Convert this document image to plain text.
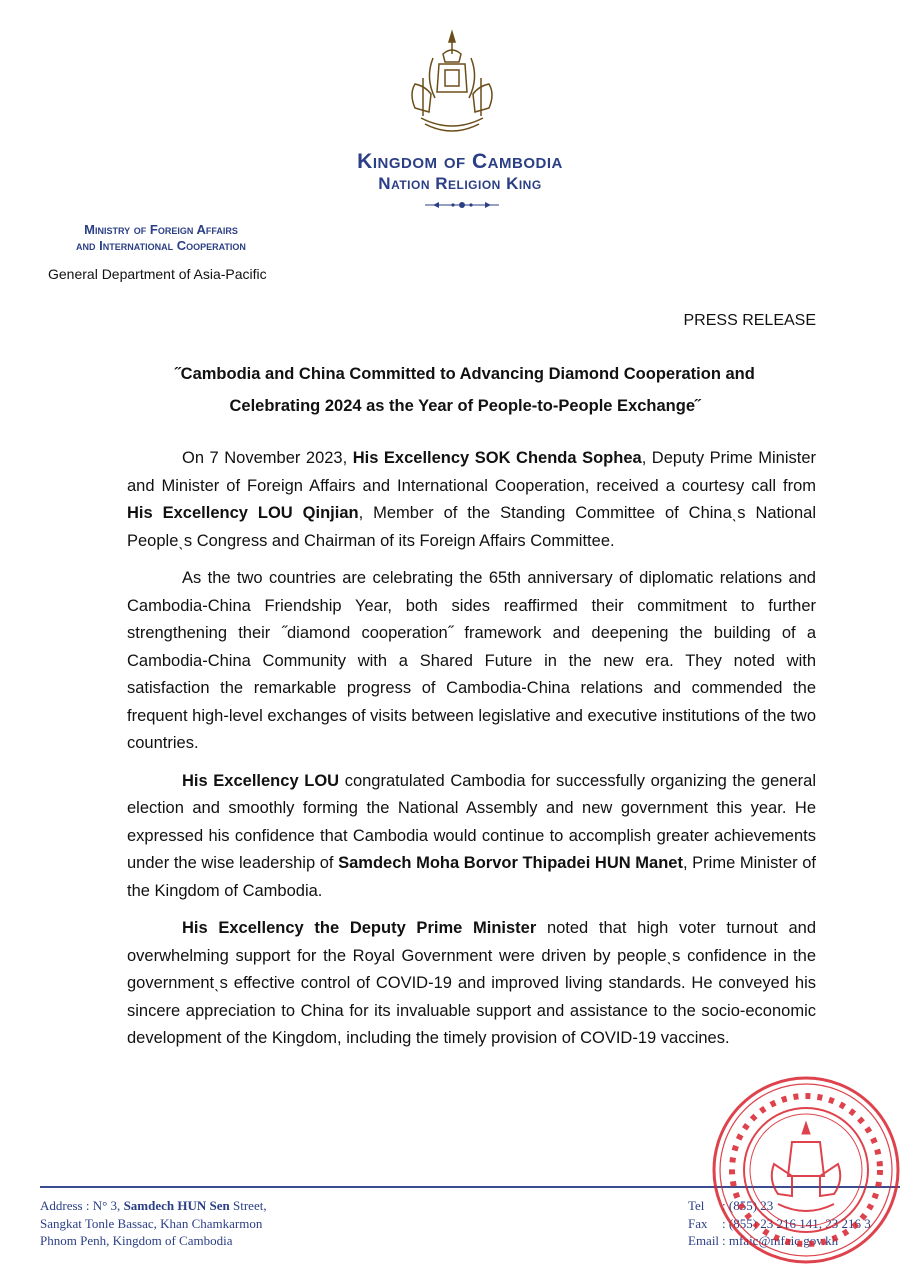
Kingdom of Cambodia
Nation Religion King
Ministry of Foreign Affairs
and International Cooperation
General Department of Asia-Pacific
PRESS RELEASE
˝Cambodia and China Committed to Advancing Diamond Cooperation and
Celebrating 2024 as the Year of People-to-People Exchange˝

On 7 November 2023, His Excellency SOK Chenda Sophea, Deputy Prime Minister and Minister of Foreign Affairs and International Cooperation, received a courtesy call from His Excellency LOU Qinjian, Member of the Standing Committee of Chinaˎs National Peopleˎs Congress and Chairman of its Foreign Affairs Committee.

As the two countries are celebrating the 65th anniversary of diplomatic relations and Cambodia-China Friendship Year, both sides reaffirmed their commitment to further strengthening their ˝diamond cooperation˝ framework and deepening the building of a Cambodia-China Community with a Shared Future in the new era. They noted with satisfaction the remarkable progress of Cambodia-China relations and commended the frequent high-level exchanges of visits between legislative and executive institutions of the two countries.

His Excellency LOU congratulated Cambodia for successfully organizing the general election and smoothly forming the National Assembly and new government this year. He expressed his confidence that Cambodia would continue to accomplish greater achievements under the wise leadership of Samdech Moha Borvor Thipadei HUN Manet, Prime Minister of the Kingdom of Cambodia.

His Excellency the Deputy Prime Minister noted that high voter turnout and overwhelming support for the Royal Government were driven by peopleˎs confidence in the governmentˎs effective control of COVID-19 and improved living standards. He conveyed his sincere appreciation to China for its invaluable support and assistance to the socio-economic development of the Kingdom, including the timely provision of COVID-19 vaccines.

Address : N° 3, Samdech HUN Sen Street,
Sangkat Tonle Bassac, Khan Chamkarmon
Phnom Penh, Kingdom of Cambodia
Tel : (855) 23
Fax : (855) 23 216 141, 23 216 3
Email : mfaic@mfaic.gov.kh
